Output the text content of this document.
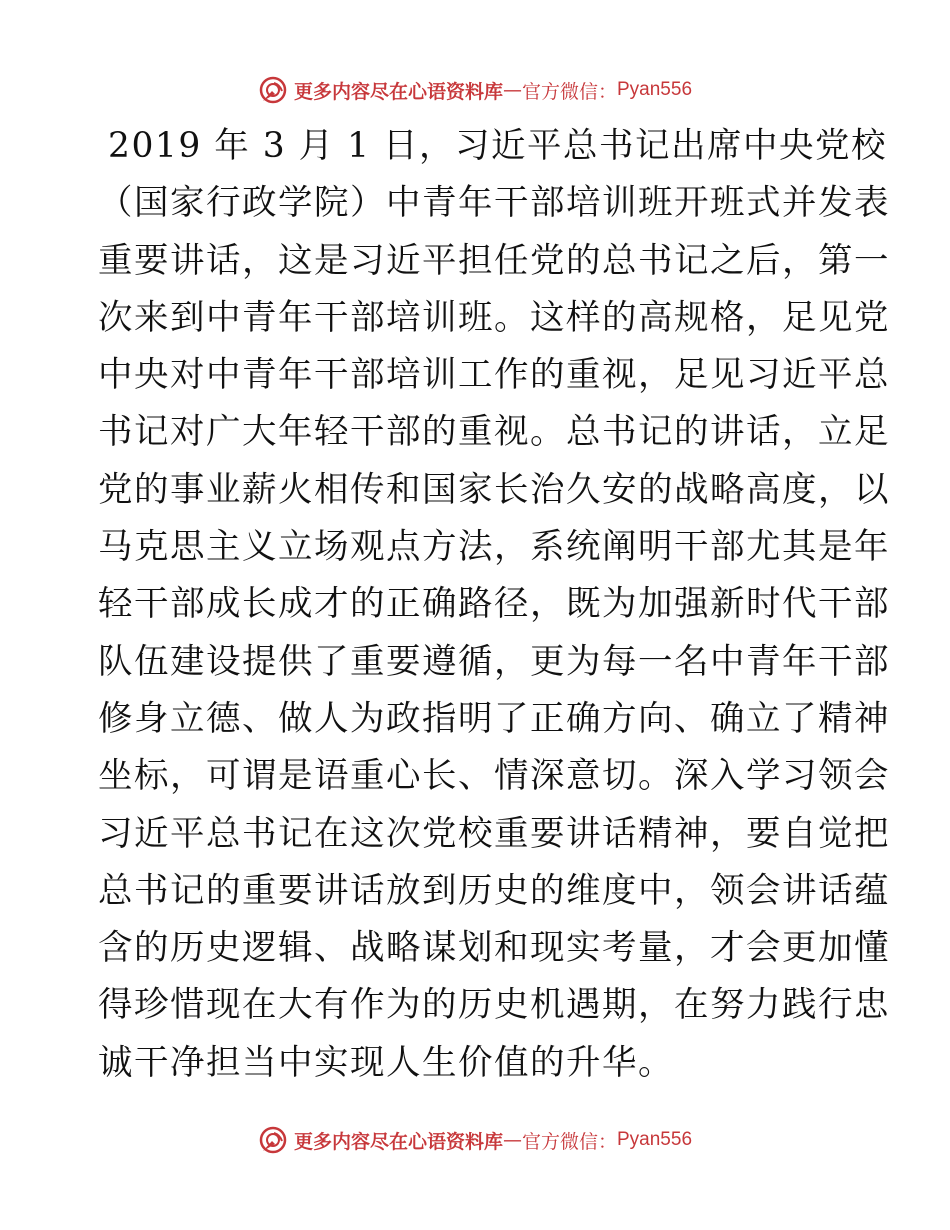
更多内容尽在心语资料库 — 官方微信： Pyan556
2019 年 3 月 1 日，习近平总书记出席中央党校
（国家行政学院）中青年干部培训班开班式并发表
重要讲话，这是习近平担任党的总书记之后，第一
次来到中青年干部培训班。这样的高规格，足见党
中央对中青年干部培训工作的重视，足见习近平总
书记对广大年轻干部的重视。总书记的讲话，立足
党的事业薪火相传和国家长治久安的战略高度，以
马克思主义立场观点方法，系统阐明干部尤其是年
轻干部成长成才的正确路径，既为加强新时代干部
队伍建设提供了重要遵循，更为每一名中青年干部
修身立德、做人为政指明了正确方向、确立了精神
坐标，可谓是语重心长、情深意切。深入学习领会
习近平总书记在这次党校重要讲话精神，要自觉把
总书记的重要讲话放到历史的维度中，领会讲话蕴
含的历史逻辑、战略谋划和现实考量，才会更加懂
得珍惜现在大有作为的历史机遇期，在努力践行忠
诚干净担当中实现人生价值的升华。
更多内容尽在心语资料库 — 官方微信： Pyan556
